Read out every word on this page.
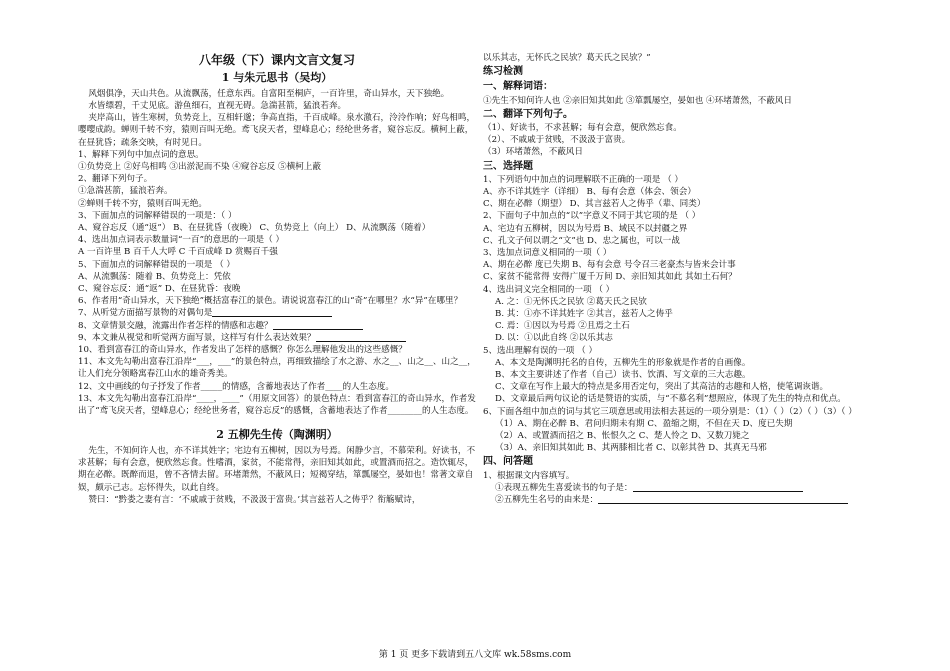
八年级（下）课内文言文复习
1 与朱元思书（吴均）

风烟俱净，天山共色。从流飘荡，任意东西。自富阳至桐庐，一百许里，奇山异水，天下独绝。

水皆缥碧，千丈见底。游鱼细石，直视无碍。急湍甚箭，猛浪若奔。

夹岸高山，皆生寒树，负势竞上，互相轩邈；争高直指，千百成峰。泉水激石，泠泠作响；好鸟相鸣，嘤嘤成韵。蝉则千转不穷，猿则百叫无绝。鸢飞戾天者，望峰息心；经纶世务者，窥谷忘反。横柯上蔽，在昼犹昏；疏条交映，有时见日。

1、解释下列句中加点词的意思。

①负势竞上 ②好鸟相鸣 ③出淤泥而不染 ④窥谷忘反 ⑤横柯上蔽

2、翻译下列句子。

①急湍甚箭，猛浪若奔。

②蝉则千转不穷，猿则百叫无绝。

3、下面加点的词解释错误的一项是：（ ）

A、窥谷忘反（通“返”） B、在昼犹昏（夜晚） C、负势竞上（向上） D、从流飘荡（随着）

4、选出加点词表示数量词“一百”的意思的一项是（ ）

A 一百许里 B 百千人大呼 C 千百成峰 D 赏赐百千强

5、下面加点的词解释错误的一项是 （ ）

A、从流飘荡：随着 B、负势竞上：凭依

C、窥谷忘反：通“返” D、在昼犹昏：夜晚

6、作者用“奇山异水，天下独绝”概括富春江的景色。请说说富春江的山“奇”在哪里？水“异”在哪里？

7、从听觉方面描写景物的对偶句是

8、文章情景交融，流露出作者怎样的情感和志趣？

9、本文兼从视觉和听觉两方面写景，这样写有什么表达效果？

10、看到富春江的奇山异水，作者发出了怎样的感慨？你怎么理解他发出的这些感慨？

11、本文先勾勒出富春江沿岸“___，___”的景色特点，再细致描绘了水之游、水之__、山之__、山之__，让人们充分领略寓春江山水的雄奇秀美。

12、文中画线的句子抒发了作者_____的情感，含蓄地表达了作者____的人生态度。

13、本文先勾勒出富春江沿岸“____，____”（用原文回答）的景色特点：看到富春江的奇山异水，作者发出了“鸢飞戾天者，望峰息心；经纶世务者，窥谷忘反”的感慨，含蓄地表达了作者________的人生态度。

2 五柳先生传（陶渊明）

先生，不知何许人也，亦不详其姓字；宅边有五柳树，因以为号焉。闲静少言，不慕荣利。好读书，不求甚解；每有会意，便欣然忘食。性嗜酒，家贫，不能常得，亲旧知其如此，或置酒而招之。造饮辄尽，期在必醉。既醉而退，曾不吝情去留。环堵萧然，不蔽风日；短褐穿结，箪瓢屡空，晏如也！常著文章自娱，颇示己志。忘怀得失，以此自终。

赞曰：“黔娄之妻有言：‘不戚戚于贫贱，不汲汲于富贵。’其言兹若人之俦乎？衔觞赋诗，

以乐其志，无怀氏之民欤？葛天氏之民欤？”

练习检测
一、解释词语：

①先生不知何许人也 ②亲旧知其如此 ③箪瓢屡空，晏如也 ④环堵萧然，不蔽风日

二、翻译下列句子。

（1）、好读书，不求甚解；每有会意，便欣然忘食。

（2）、不戚戚于贫贱，不汲汲于富贵。

（3）环堵萧然，不蔽风日

三、选择题

1、下列语句中加点的词理解联不正确的一项是 （ ）

A、亦不详其姓字（详细） B、每有会意（体会、领会）

C、期在必醉（期望） D、其言兹若人之俦乎（辈、同类）

2、下面句子中加点的“以”字意义不同于其它项的是 （ ）

A、宅边有五柳树，因以为号焉 B、域民不以封疆之界

C、孔文子何以谓之“文”也 D、忠之属也，可以一战

3、选加点词意义相同的一项（ ）

A、期在必醉 度已失期 B、每有会意 号令召三老豪杰与皆来会计事

C、家贫不能常得 安得广厦千万间 D、亲旧知其如此 其如土石何？

4、选出词义完全相同的一项 （ ）

A. 之：①无怀氏之民欤 ②葛天氏之民欤

B. 其：①亦不详其姓字 ②其言，兹若人之俦乎

C. 焉：①因以为号焉 ②且焉之土石

D. 以：①以此自终 ②以乐其志

5、选出理解有误的一项 （ ）

A、本文是陶渊明托名的自传，五柳先生的形象就是作者的自画像。

B、本文主要讲述了作者（自己）读书、饮酒、写文章的三大志趣。

C、文章在写作上最大的特点是多用否定句，突出了其高洁的志趣和人格，使笔调诙谐。

D、文章最后两句议论的话是赞语的实质，与“不慕名利”想照应，体现了先生的特点和优点。

6、下面各组中加点的词与其它三项意思或用法相去甚远的一项分别是：（1）（ ）（2）（ ）（3）（ ）

（1）A、期在必醉 B、君问归期未有期 C、盈缩之期，不但在天 D、度已失期

（2）A、或置酒而招之 B、怅恨久之 C、楚人怜之 D、又数刀毙之

（3）A、亲旧知其如此 B、其两膝相比者 C、以彰其咎 D、其真无马邪

四、问答题

1、根据课文内容填写。

①表现五柳先生喜爱读书的句子是：

②五柳先生名号的由来是：

第 1 页 更多下载请到五八文库 wk.58sms.com
